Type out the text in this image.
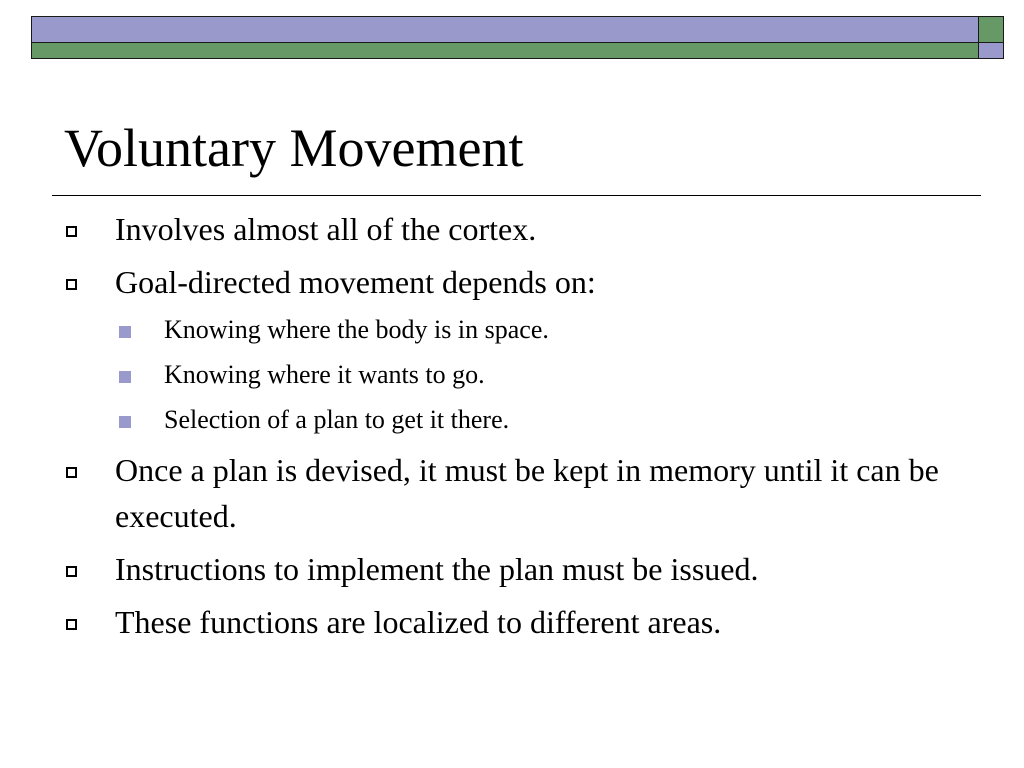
Voluntary Movement
Involves almost all of the cortex.
Goal-directed movement depends on:
Knowing where the body is in space.
Knowing where it wants to go.
Selection of a plan to get it there.
Once a plan is devised, it must be kept in memory until it can be executed.
Instructions to implement the plan must be issued.
These functions are localized to different areas.
